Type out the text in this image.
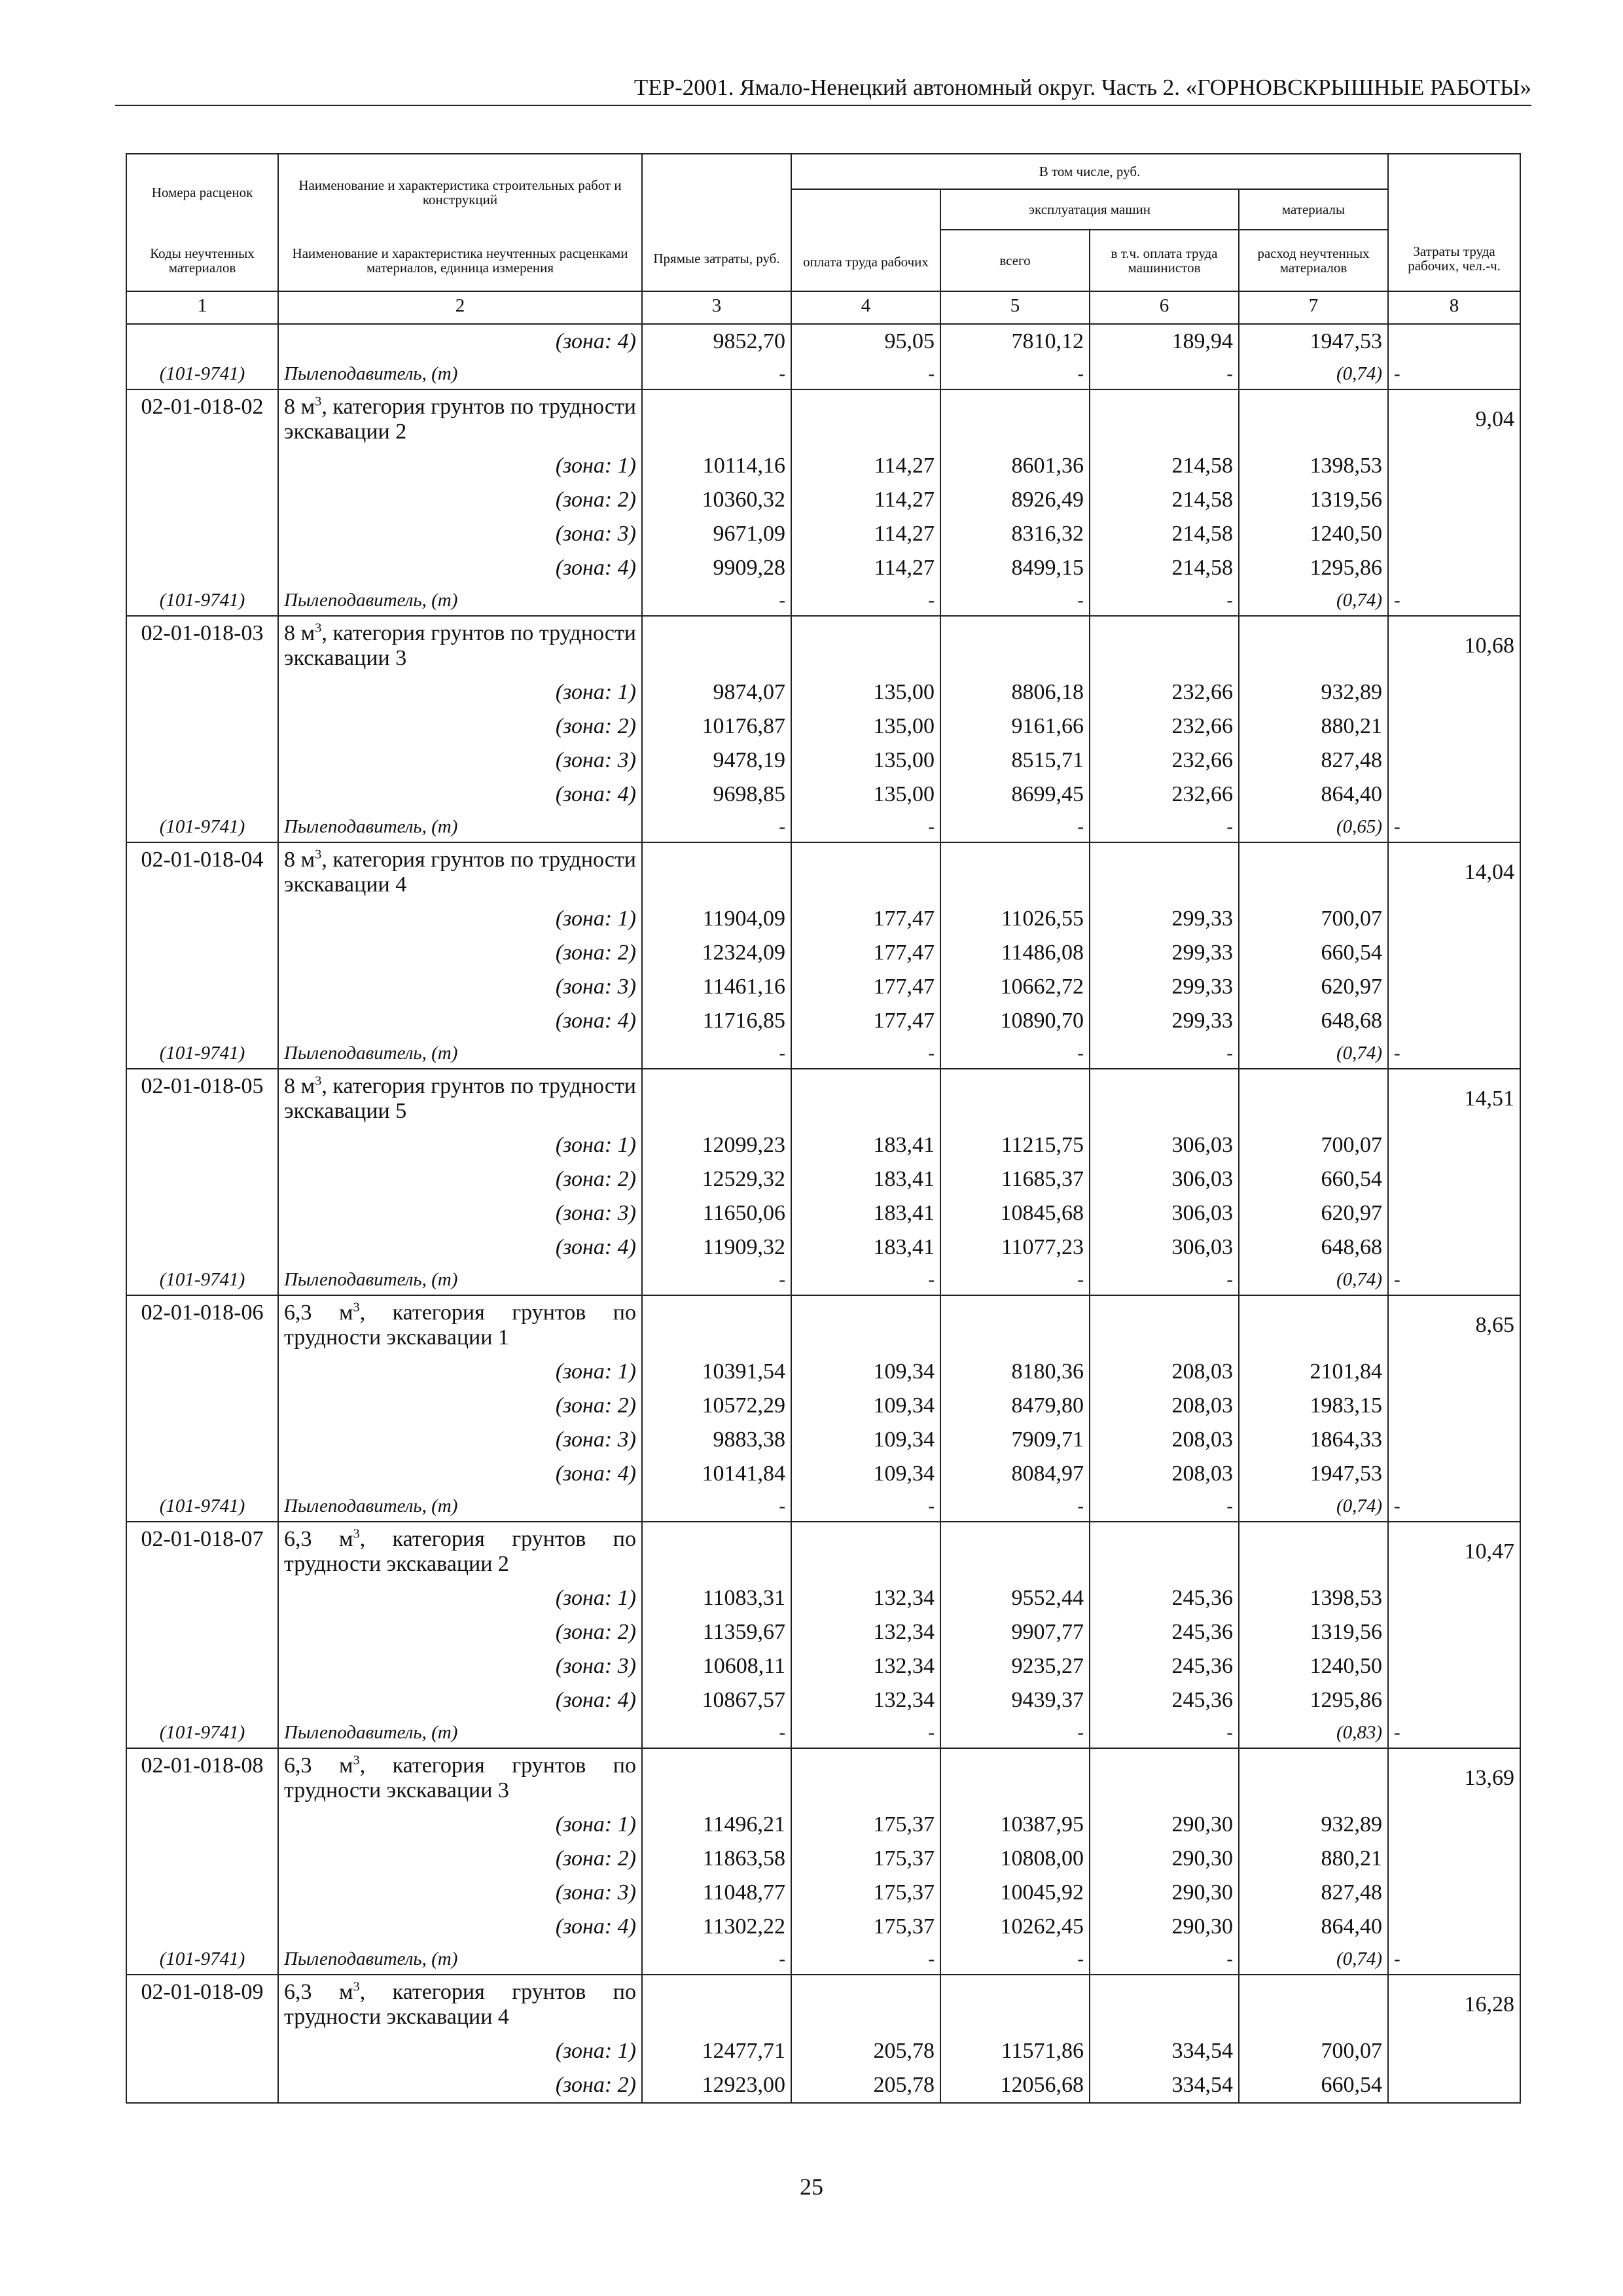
ТЕР-2001. Ямало-Ненецкий автономный округ. Часть 2. «ГОРНОВСКРЫШНЫЕ РАБОТЫ»
Номера расценок	Наименование и характеристика строительных работ и конструкций	Прямые затраты, руб.	В том числе, руб.				Затраты труда рабочих, чел.-ч.

			оплата труда рабочих	эксплуатация машин		материалы	
Коды неучтенных материалов	Наименование и характеристика неучтенных расценками материалов, единица измерения			всего	в т.ч. оплата труда машинистов	расход неучтенных материалов	

1	2	3	4	5	6	7	8
	(зона: 4)	9852,70	95,05	7810,12	189,94	1947,53	
(101-9741)	Пылеподавитель, (т)	-	-	-	-	(0,74)	-
02-01-018-02	8 $м^3$, категория грунтов по трудности экскавации 2						9,04
	(зона: 1)	10114,16	114,27	8601,36	214,58	1398,53	
	(зона: 2)	10360,32	114,27	8926,49	214,58	1319,56	
	(зона: 3)	9671,09	114,27	8316,32	214,58	1240,50	
	(зона: 4)	9909,28	114,27	8499,15	214,58	1295,86	
(101-9741)	Пылеподавитель, (т)	-	-	-	-	(0,74)	-
02-01-018-03	8 $м^3$, категория грунтов по трудности экскавации 3						10,68
	(зона: 1)	9874,07	135,00	8806,18	232,66	932,89	
	(зона: 2)	10176,87	135,00	9161,66	232,66	880,21	
	(зона: 3)	9478,19	135,00	8515,71	232,66	827,48	
	(зона: 4)	9698,85	135,00	8699,45	232,66	864,40	
(101-9741)	Пылеподавитель, (т)	-	-	-	-	(0,65)	-
02-01-018-04	8 $м^3$, категория грунтов по трудности экскавации 4						14,04
	(зона: 1)	11904,09	177,47	11026,55	299,33	700,07	
	(зона: 2)	12324,09	177,47	11486,08	299,33	660,54	
	(зона: 3)	11461,16	177,47	10662,72	299,33	620,97	
	(зона: 4)	11716,85	177,47	10890,70	299,33	648,68	
(101-9741)	Пылеподавитель, (т)	-	-	-	-	(0,74)	-
02-01-018-05	8 $м^3$, категория грунтов по трудности экскавации 5						14,51
	(зона: 1)	12099,23	183,41	11215,75	306,03	700,07	
	(зона: 2)	12529,32	183,41	11685,37	306,03	660,54	
	(зона: 3)	11650,06	183,41	10845,68	306,03	620,97	
	(зона: 4)	11909,32	183,41	11077,23	306,03	648,68	
(101-9741)	Пылеподавитель, (т)	-	-	-	-	(0,74)	-
02-01-018-06	6,3 $м^3$, категория грунтов по трудности экскавации 1						8,65
	(зона: 1)	10391,54	109,34	8180,36	208,03	2101,84	
	(зона: 2)	10572,29	109,34	8479,80	208,03	1983,15	
	(зона: 3)	9883,38	109,34	7909,71	208,03	1864,33	
	(зона: 4)	10141,84	109,34	8084,97	208,03	1947,53	
(101-9741)	Пылеподавитель, (т)	-	-	-	-	(0,74)	-
02-01-018-07	6,3 $м^3$, категория грунтов по трудности экскавации 2						10,47
	(зона: 1)	11083,31	132,34	9552,44	245,36	1398,53	
	(зона: 2)	11359,67	132,34	9907,77	245,36	1319,56	
	(зона: 3)	10608,11	132,34	9235,27	245,36	1240,50	
	(зона: 4)	10867,57	132,34	9439,37	245,36	1295,86	
(101-9741)	Пылеподавитель, (т)	-	-	-	-	(0,83)	-
02-01-018-08	6,3 $м^3$, категория грунтов по трудности экскавации 3						13,69
	(зона: 1)	11496,21	175,37	10387,95	290,30	932,89	
	(зона: 2)	11863,58	175,37	10808,00	290,30	880,21	
	(зона: 3)	11048,77	175,37	10045,92	290,30	827,48	
	(зона: 4)	11302,22	175,37	10262,45	290,30	864,40	
(101-9741)	Пылеподавитель, (т)	-	-	-	-	(0,74)	-
02-01-018-09	6,3 $м^3$, категория грунтов по трудности экскавации 4						16,28
	(зона: 1)	12477,71	205,78	11571,86	334,54	700,07	
	(зона: 2)	12923,00	205,78	12056,68	334,54	660,54	
25
